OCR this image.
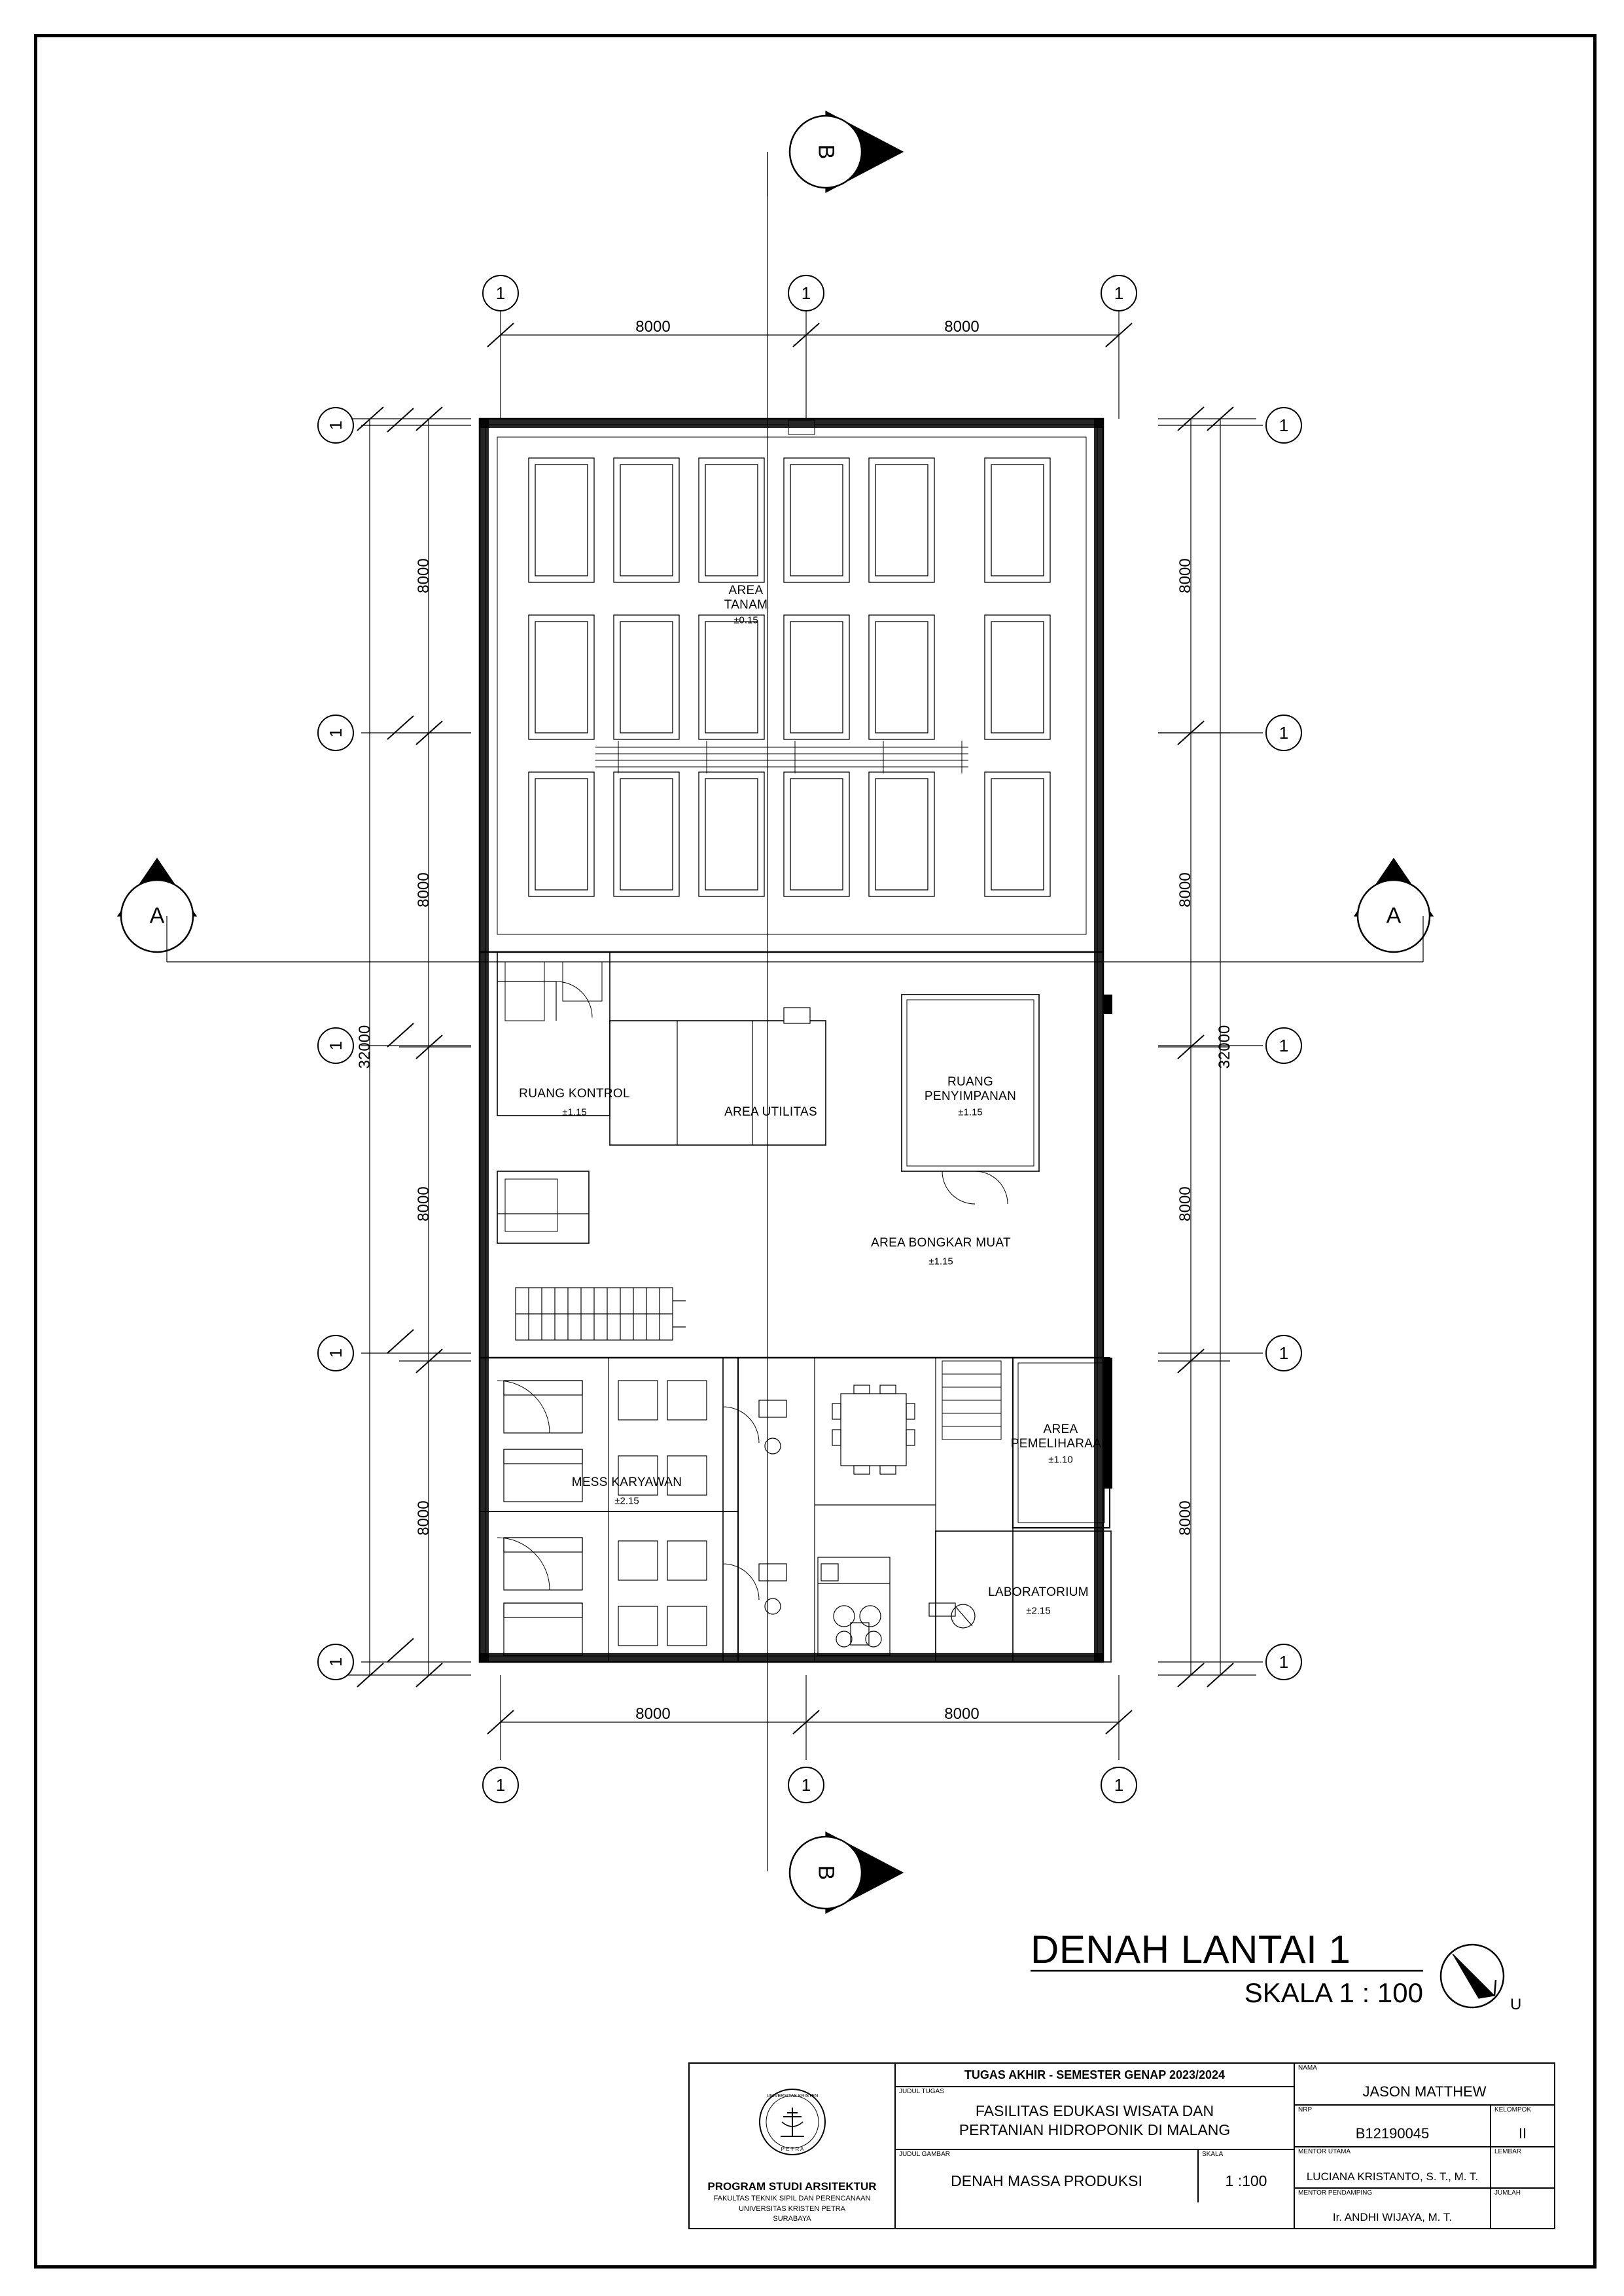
B
B
A	A
1	1	1
1	1	1
1
1
1
1
1
1
1
1
1
1
8000	8000
8000	8000
8000
8000
8000
8000
32000
8000
8000
8000
8000
32000
AREA
TANAM
±0.15
RUANG KONTROL
±1.15	AREA UTILITAS
RUANG
PENYIMPANAN
±1.15
AREA BONGKAR MUAT
±1.15
MESS KARYAWAN
±2.15
AREA
PEMELIHARAAN
±1.10
LABORATORIUM
±2.15
DENAH LANTAI 1
SKALA 1 : 100	U
UNIVERSITAS KRISTEN
P E T R A
PROGRAM STUDI ARSITEKTUR
FAKULTAS TEKNIK SIPIL DAN PERENCANAAN
UNIVERSITAS KRISTEN PETRA
SURABAYA
TUGAS AKHIR - SEMESTER GENAP 2023/2024
JUDUL TUGAS
FASILITAS EDUKASI WISATA DAN
PERTANIAN HIDROPONIK DI MALANG
JUDUL GAMBAR
DENAH MASSA PRODUKSI
SKALA
1 :100
NAMA
JASON MATTHEW
NRP
B12190045
KELOMPOK
II
MENTOR UTAMA
LUCIANA KRISTANTO, S. T., M. T.
LEMBAR
MENTOR PENDAMPING
Ir. ANDHI WIJAYA, M. T.
JUMLAH
